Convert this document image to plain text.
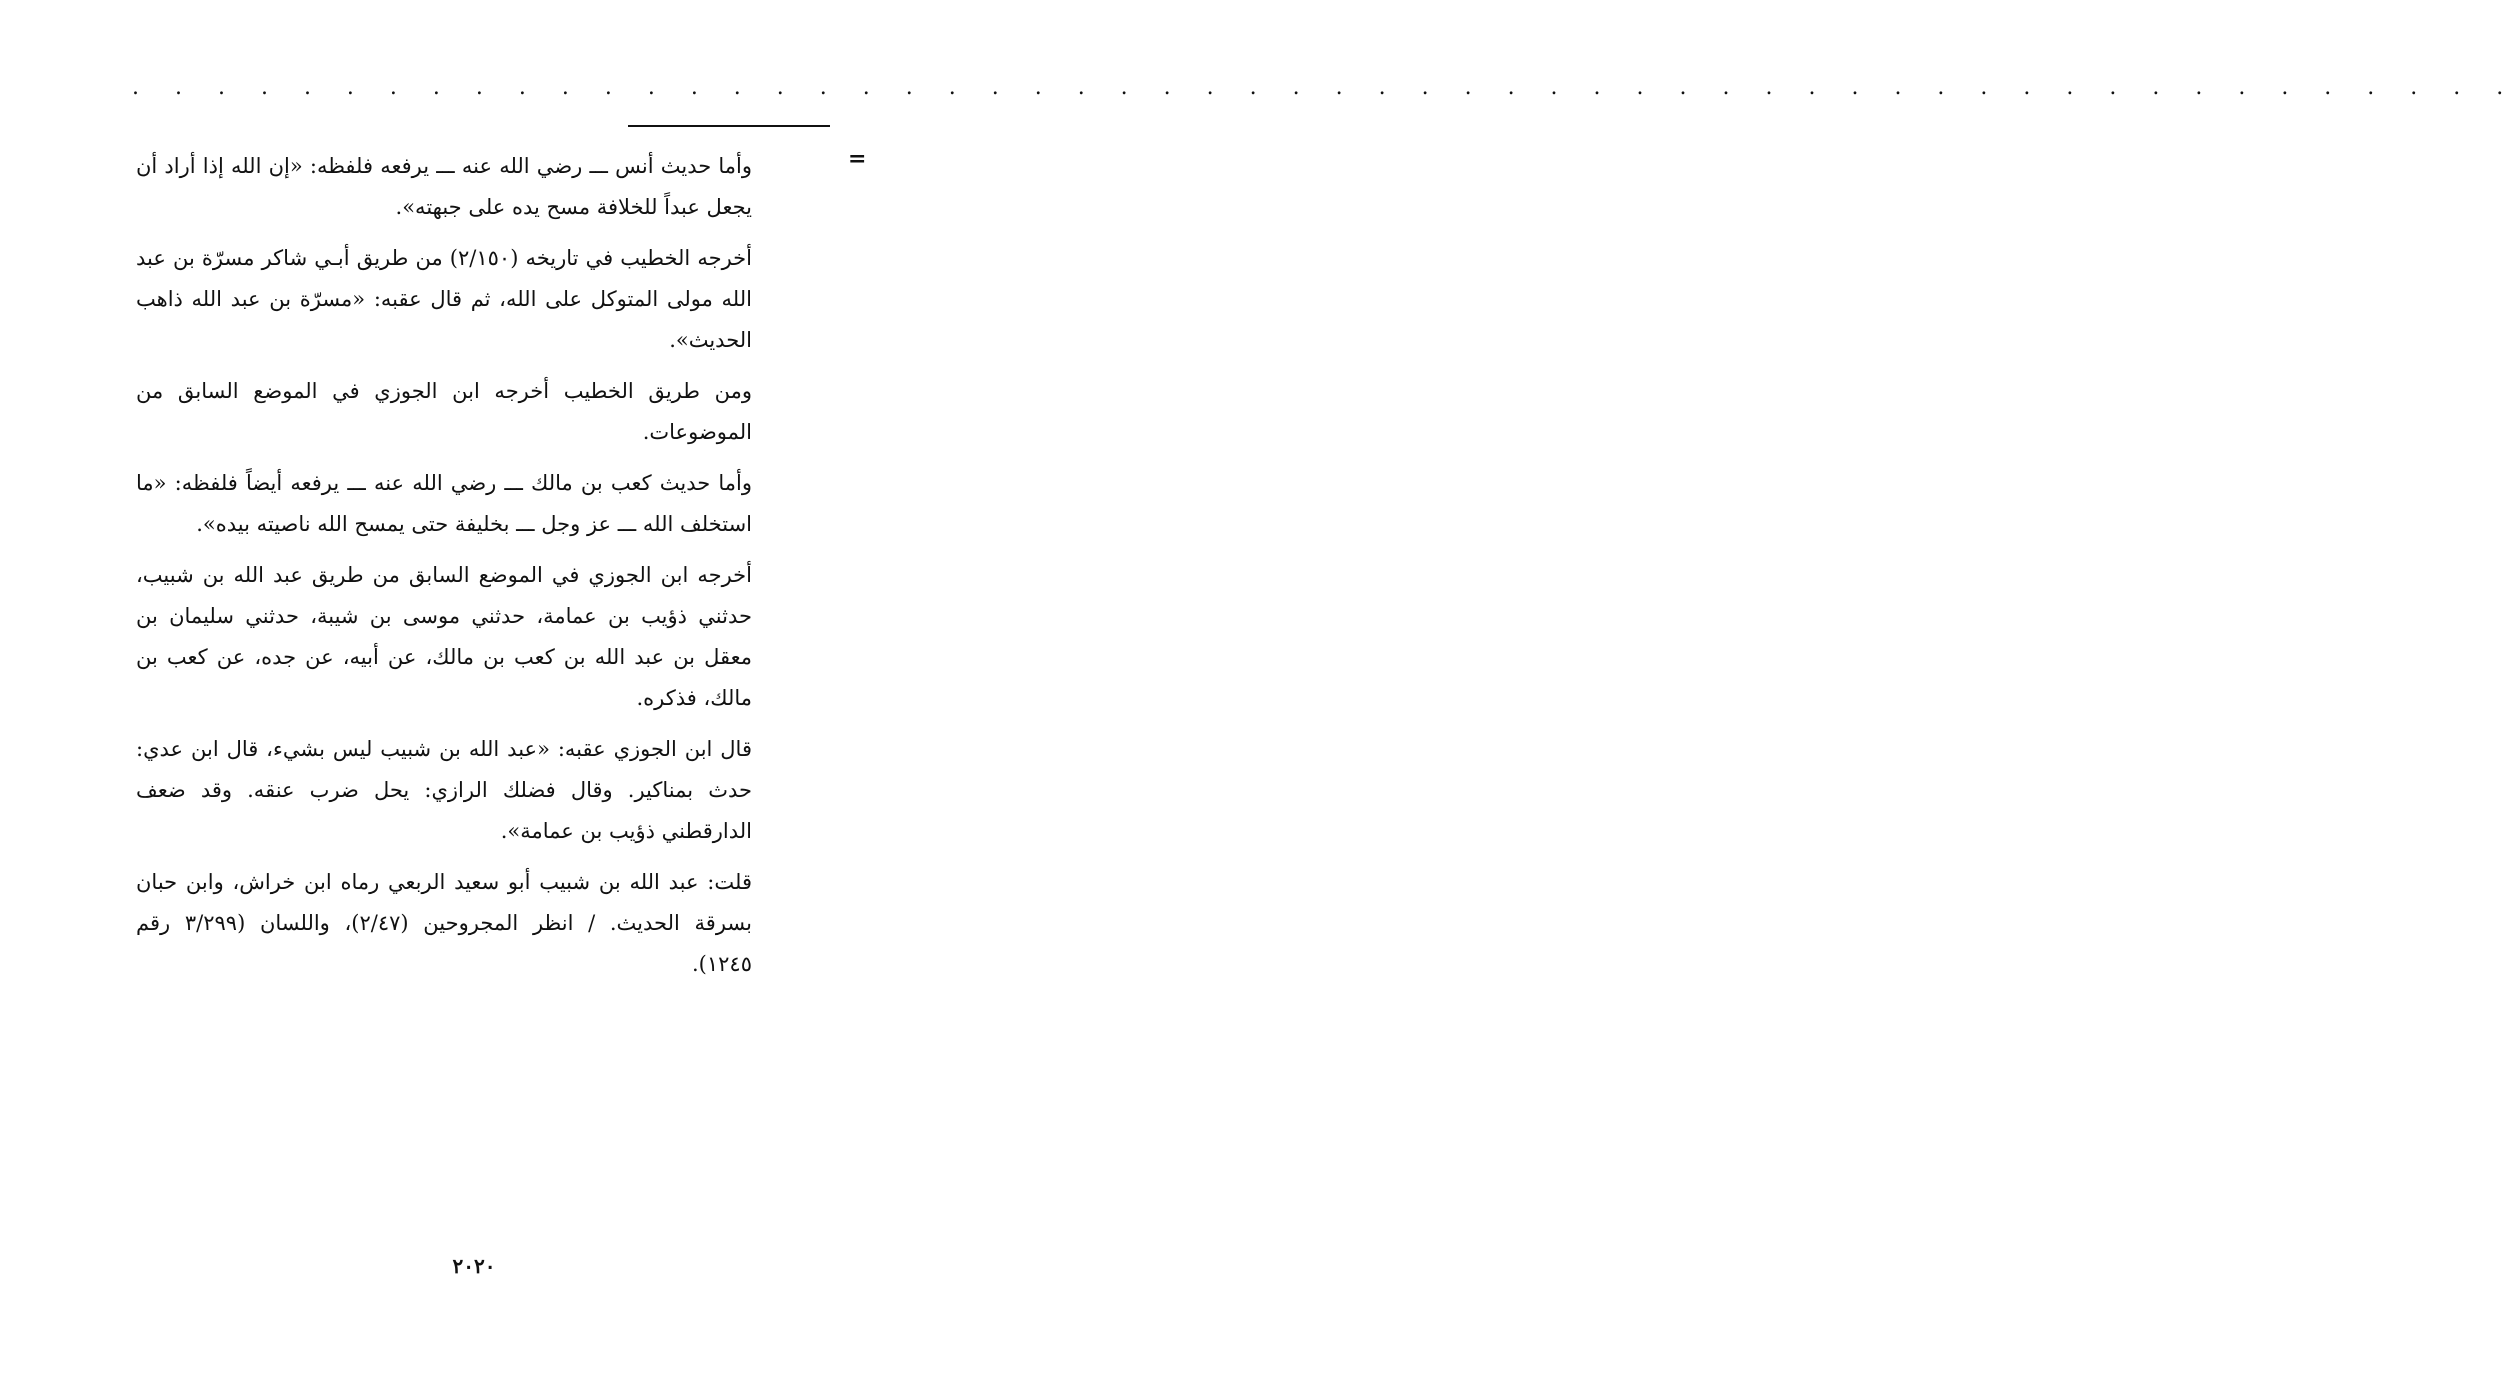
. . . . . . . . . . . . . . . . . . . . . . . . . . . . . . . . . . . . . . . . . . . . . . . . . . . . . . . .
=

وأما حديث أنس ـــ رضي الله عنه ـــ يرفعه فلفظه: «إن الله إذا أراد أن يجعل عبداً للخلافة مسح يده على جبهته».

أخرجه الخطيب في تاريخه (٢/١٥٠) من طريق أبـي شاكر مسرّة بن عبد الله مولى المتوكل على الله، ثم قال عقبه: «مسرّة بن عبد الله ذاهب الحديث».

ومن طريق الخطيب أخرجه ابن الجوزي في الموضع السابق من الموضوعات.

وأما حديث كعب بن مالك ـــ رضي الله عنه ـــ يرفعه أيضاً فلفظه: «ما استخلف الله ـــ عز وجل ـــ بخليفة حتى يمسح الله ناصيته بيده».

أخرجه ابن الجوزي في الموضع السابق من طريق عبد الله بن شبيب، حدثني ذؤيب بن عمامة، حدثني موسى بن شيبة، حدثني سليمان بن معقل بن عبد الله بن كعب بن مالك، عن أبيه، عن جده، عن كعب بن مالك، فذكره.

قال ابن الجوزي عقبه: «عبد الله بن شبيب ليس بشيء، قال ابن عدي: حدث بمناكير. وقال فضلك الرازي: يحل ضرب عنقه. وقد ضعف الدارقطني ذؤيب بن عمامة».

قلت: عبد الله بن شبيب أبو سعيد الربعي رماه ابن خراش، وابن حبان بسرقة الحديث. / انظر المجروحين (٢/٤٧)، واللسان (٣/٢٩٩ رقم ١٢٤٥).

٢٠٢٠
